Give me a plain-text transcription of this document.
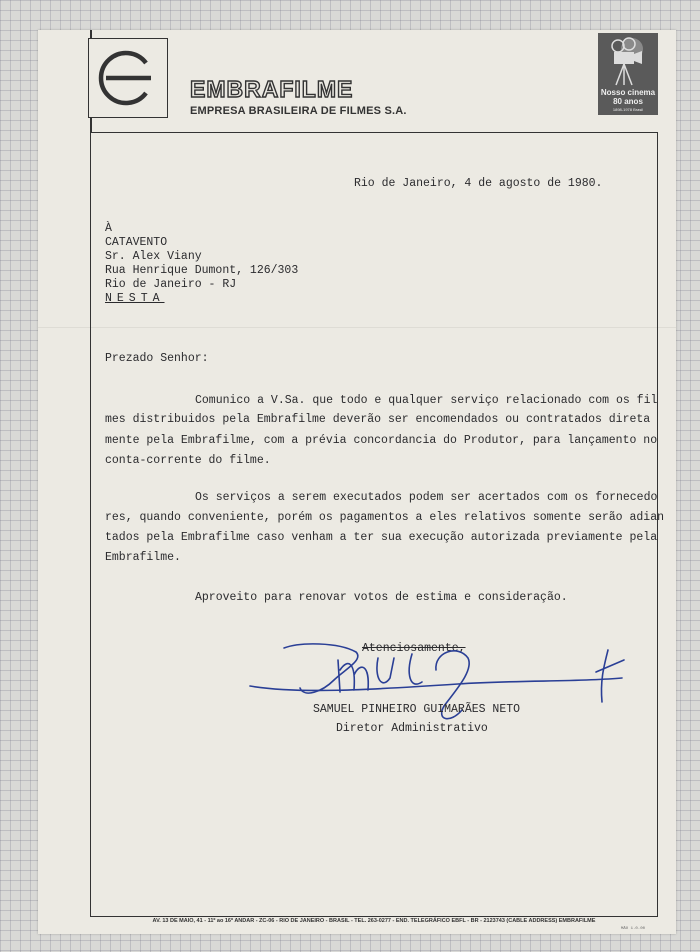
EMBRAFILME
EMPRESA BRASILEIRA DE FILMES S.A.
Nosso cinema
80 anos
1898-1978 Brasil
Rio de Janeiro, 4 de agosto de 1980.
À
CATAVENTO
Sr. Alex Viany
Rua Henrique Dumont, 126/303
Rio de Janeiro - RJ
NESTA
Prezado Senhor:
Comunico a V.Sa. que todo e qualquer serviço relacionado com os fil
mes distribuidos pela Embrafilme deverão ser encomendados ou contratados direta
mente pela Embrafilme, com a prévia concordancia do Produtor, para lançamento no
conta-corrente do filme.
Os serviços a serem executados podem ser acertados com os fornecedo
res, quando conveniente, porém os pagamentos a eles relativos somente serão adian
tados pela Embrafilme caso venham a ter sua execução autorizada previamente pela
Embrafilme.
Aproveito para renovar votos de estima e consideração.
Atenciosamente,
SAMUEL PINHEIRO GUIMARÃES NETO
Diretor Administrativo
AV. 13 DE MAIO, 41 - 11º ao 16º ANDAR - ZC-06 - RIO DE JANEIRO - BRASIL - TEL. 263-0277 - END. TELEGRÁFICO EBFL - BR - 2123743 (CABLE ADDRESS) EMBRAFILME
MÃO 1.0.00
